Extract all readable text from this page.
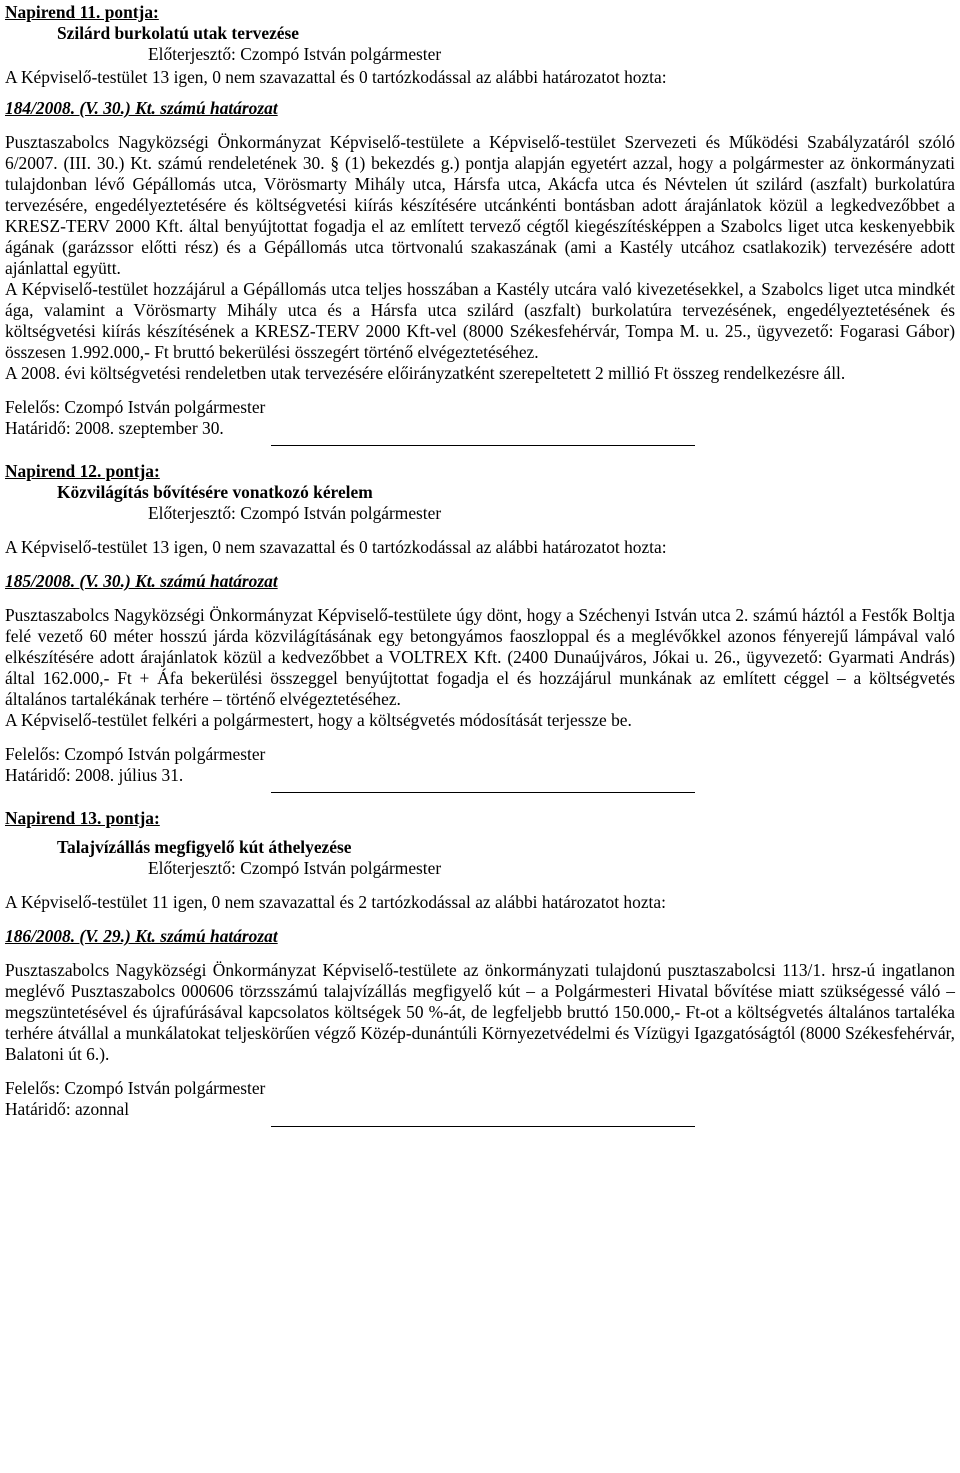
Napirend 11. pontja:
Szilárd burkolatú utak tervezése
Előterjesztő: Czompó István polgármester
A Képviselő-testület 13 igen, 0 nem szavazattal és 0 tartózkodással az alábbi határozatot hozta:
184/2008. (V. 30.) Kt. számú határozat

Pusztaszabolcs Nagyközségi Önkormányzat Képviselő-testülete a Képviselő-testület Szervezeti és Működési Szabályzatáról szóló 6/2007. (III. 30.) Kt. számú rendeletének 30. § (1) bekezdés g.) pontja alapján egyetért azzal, hogy a polgármester az önkormányzati tulajdonban lévő Gépállomás utca, Vörösmarty Mihály utca, Hársfa utca, Akácfa utca és Névtelen út szilárd (aszfalt) burkolatúra tervezésére, engedélyeztetésére és költségvetési kiírás készítésére utcánkénti bontásban adott árajánlatok közül a legkedvezőbbet a KRESZ-TERV 2000 Kft. által benyújtottat fogadja el az említett tervező cégtől kiegészítésképpen a Szabolcs liget utca keskenyebbik ágának (garázssor előtti rész) és a Gépállomás utca törtvonalú szakaszának (ami a Kastély utcához csatlakozik) tervezésére adott ajánlattal együtt.

A Képviselő-testület hozzájárul a Gépállomás utca teljes hosszában a Kastély utcára való kivezetésekkel, a Szabolcs liget utca mindkét ága, valamint a Vörösmarty Mihály utca és a Hársfa utca szilárd (aszfalt) burkolatúra tervezésének, engedélyeztetésének és költségvetési kiírás készítésének a KRESZ-TERV 2000 Kft-vel (8000 Székesfehérvár, Tompa M. u. 25., ügyvezető: Fogarasi Gábor) összesen 1.992.000,- Ft bruttó bekerülési összegért történő elvégeztetéséhez.

A 2008. évi költségvetési rendeletben utak tervezésére előirányzatként szerepeltetett 2 millió Ft összeg rendelkezésre áll.

Felelős: Czompó István polgármester
Határidő: 2008. szeptember 30.
Napirend 12. pontja:
Közvilágítás bővítésére vonatkozó kérelem
Előterjesztő: Czompó István polgármester
A Képviselő-testület 13 igen, 0 nem szavazattal és 0 tartózkodással az alábbi határozatot hozta:
185/2008. (V. 30.) Kt. számú határozat

Pusztaszabolcs Nagyközségi Önkormányzat Képviselő-testülete úgy dönt, hogy a Széchenyi István utca 2. számú háztól a Festők Boltja felé vezető 60 méter hosszú járda közvilágításának egy betongyámos faoszloppal és a meglévőkkel azonos fényerejű lámpával való elkészítésére adott árajánlatok közül a kedvezőbbet a VOLTREX Kft. (2400 Dunaújváros, Jókai u. 26., ügyvezető: Gyarmati András) által 162.000,- Ft + Áfa bekerülési összeggel benyújtottat fogadja el és hozzájárul munkának az említett céggel – a költségvetés általános tartalékának terhére – történő elvégeztetéséhez.

A Képviselő-testület felkéri a polgármestert, hogy a költségvetés módosítását terjessze be.

Felelős: Czompó István polgármester
Határidő: 2008. július 31.
Napirend 13. pontja:
Talajvízállás megfigyelő kút áthelyezése
Előterjesztő: Czompó István polgármester
A Képviselő-testület 11 igen, 0 nem szavazattal és 2 tartózkodással az alábbi határozatot hozta:
186/2008. (V. 29.) Kt. számú határozat

Pusztaszabolcs Nagyközségi Önkormányzat Képviselő-testülete az önkormányzati tulajdonú pusztaszabolcsi 113/1. hrsz-ú ingatlanon meglévő Pusztaszabolcs 000606 törzsszámú talajvízállás megfigyelő kút – a Polgármesteri Hivatal bővítése miatt szükségessé váló – megszüntetésével és újrafúrásával kapcsolatos költségek 50 %-át, de legfeljebb bruttó 150.000,- Ft-ot a költségvetés általános tartaléka terhére átvállal a munkálatokat teljeskörűen végző Közép-dunántúli Környezetvédelmi és Vízügyi Igazgatóságtól (8000 Székesfehérvár, Balatoni út 6.).

Felelős: Czompó István polgármester
Határidő: azonnal
